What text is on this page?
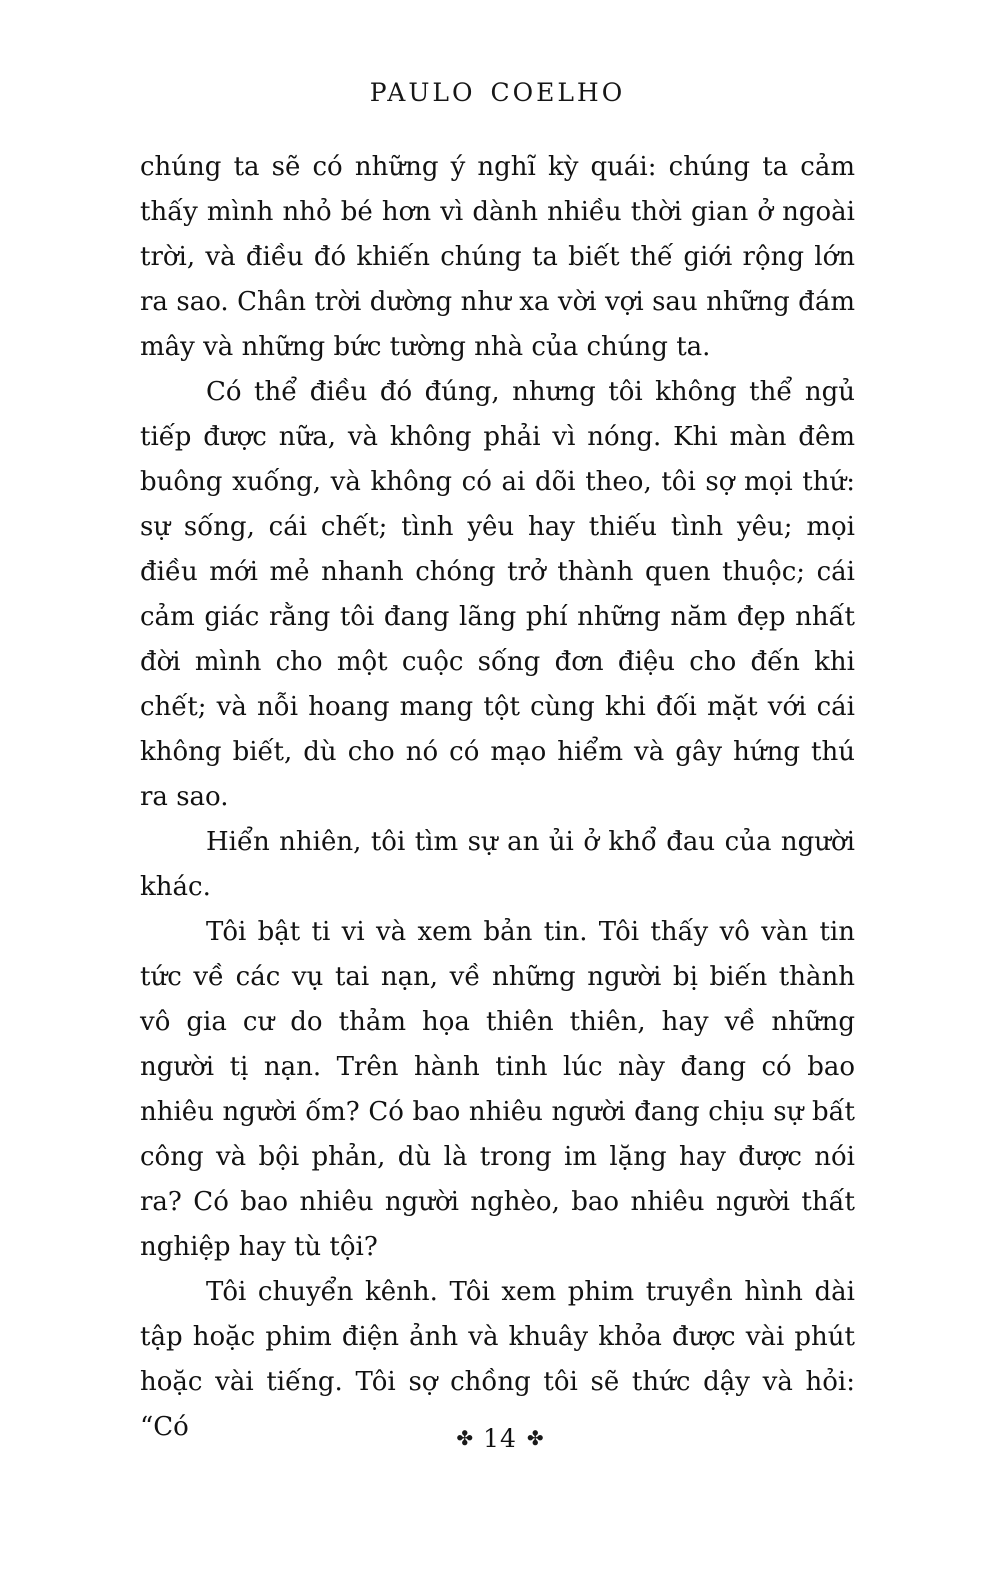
PAULO COELHO

chúng ta sẽ có những ý nghĩ kỳ quái: chúng ta cảm thấy mình nhỏ bé hơn vì dành nhiều thời gian ở ngoài trời, và điều đó khiến chúng ta biết thế giới rộng lớn ra sao. Chân trời dường như xa vời vợi sau những đám mây và những bức tường nhà của chúng ta.

Có thể điều đó đúng, nhưng tôi không thể ngủ tiếp được nữa, và không phải vì nóng. Khi màn đêm buông xuống, và không có ai dõi theo, tôi sợ mọi thứ: sự sống, cái chết; tình yêu hay thiếu tình yêu; mọi điều mới mẻ nhanh chóng trở thành quen thuộc; cái cảm giác rằng tôi đang lãng phí những năm đẹp nhất đời mình cho một cuộc sống đơn điệu cho đến khi chết; và nỗi hoang mang tột cùng khi đối mặt với cái không biết, dù cho nó có mạo hiểm và gây hứng thú ra sao.

Hiển nhiên, tôi tìm sự an ủi ở khổ đau của người khác.

Tôi bật ti vi và xem bản tin. Tôi thấy vô vàn tin tức về các vụ tai nạn, về những người bị biến thành vô gia cư do thảm họa thiên thiên, hay về những người tị nạn. Trên hành tinh lúc này đang có bao nhiêu người ốm? Có bao nhiêu người đang chịu sự bất công và bội phản, dù là trong im lặng hay được nói ra? Có bao nhiêu người nghèo, bao nhiêu người thất nghiệp hay tù tội?

Tôi chuyển kênh. Tôi xem phim truyền hình dài tập hoặc phim điện ảnh và khuây khỏa được vài phút hoặc vài tiếng. Tôi sợ chồng tôi sẽ thức dậy và hỏi: “Có	✤ 14 ✤
